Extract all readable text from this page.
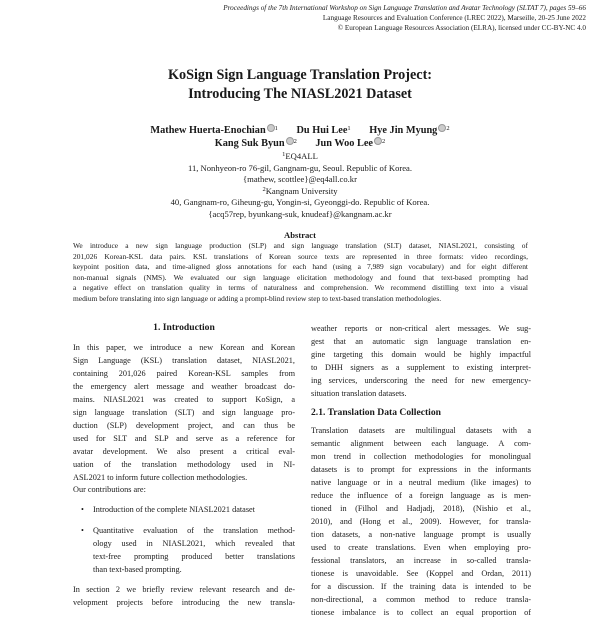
Proceedings of the 7th International Workshop on Sign Language Translation and Avatar Technology (SLTAT 7), pages 59–66
Language Resources and Evaluation Conference (LREC 2022), Marseille, 20-25 June 2022
© European Language Resources Association (ELRA), licensed under CC-BY-NC 4.0
KoSign Sign Language Translation Project:
Introducing The NIASL2021 Dataset
Mathew Huerta-Enochian $^1$ Du Hui Lee$^1$ Hye Jin Myung $^2$
Kang Suk Byun $^2$ Jun Woo Lee $^2$
$^1$EQ4ALL
11, Nonhyeon-ro 76-gil, Gangnam-gu, Seoul. Republic of Korea.
{mathew, scottlee}@eq4all.co.kr
$^2$Kangnam University
40, Gangnam-ro, Giheung-gu, Yongin-si, Gyeonggi-do. Republic of Korea.
{acq57rep, byunkang-suk, knudeaf}@kangnam.ac.kr
Abstract
We introduce a new sign language production (SLP) and sign language translation (SLT) dataset, NIASL2021, consisting of
201,026 Korean-KSL data pairs. KSL translations of Korean source texts are represented in three formats: video recordings,
keypoint position data, and time-aligned gloss annotations for each hand (using a 7,989 sign vocabulary) and for eight different
non-manual signals (NMS). We evaluated our sign language elicitation methodology and found that text-based prompting had
a negative effect on translation quality in terms of naturalness and comprehension. We recommend distilling text into a visual
medium before translating into sign language or adding a prompt-blind review step to text-based translation methodologies.
1. Introduction
In this paper, we introduce a new Korean and Korean
Sign Language (KSL) translation dataset, NIASL2021,
containing 201,026 paired Korean-KSL samples from
the emergency alert message and weather broadcast do-
mains. NIASL2021 was created to support KoSign, a
sign language translation (SLT) and sign language pro-
duction (SLP) development project, and can thus be
used for SLT and SLP and serve as a reference for
avatar development. We also present a critical eval-
uation of the translation methodology used in NI-
ASL2021 to inform future collection methodologies.
Our contributions are:
• Introduction of the complete NIASL2021 dataset
• Quantitative evaluation of the translation method-
ology used in NIASL2021, which revealed that
text-free prompting produced better translations
than text-based prompting.
In section 2 we briefly review relevant research and de-
velopment projects before introducing the new transla-
weather reports or non-critical alert messages. We sug-
gest that an automatic sign language translation en-
gine targeting this domain would be highly impactful
to DHH signers as a supplement to existing interpret-
ing services, underscoring the need for new emergency-
situation translation datasets.
2.1. Translation Data Collection
Translation datasets are multilingual datasets with a
semantic alignment between each language. A com-
mon trend in collection methodologies for monolingual
datasets is to prompt for expressions in the informants
native language or in a neutral medium (like images) to
reduce the influence of a foreign language as is men-
tioned in (Filhol and Hadjadj, 2018), (Nishio et al.,
2010), and (Hong et al., 2009). However, for transla-
tion datasets, a non-native language prompt is usually
used to create translations. Even when employing pro-
fessional translators, an increase in so-called transla-
tionese is unavoidable. See (Koppel and Ordan, 2011)
for a discussion. If the training data is intended to be
non-directional, a common method to reduce transla-
tionese imbalance is to collect an equal proportion of
